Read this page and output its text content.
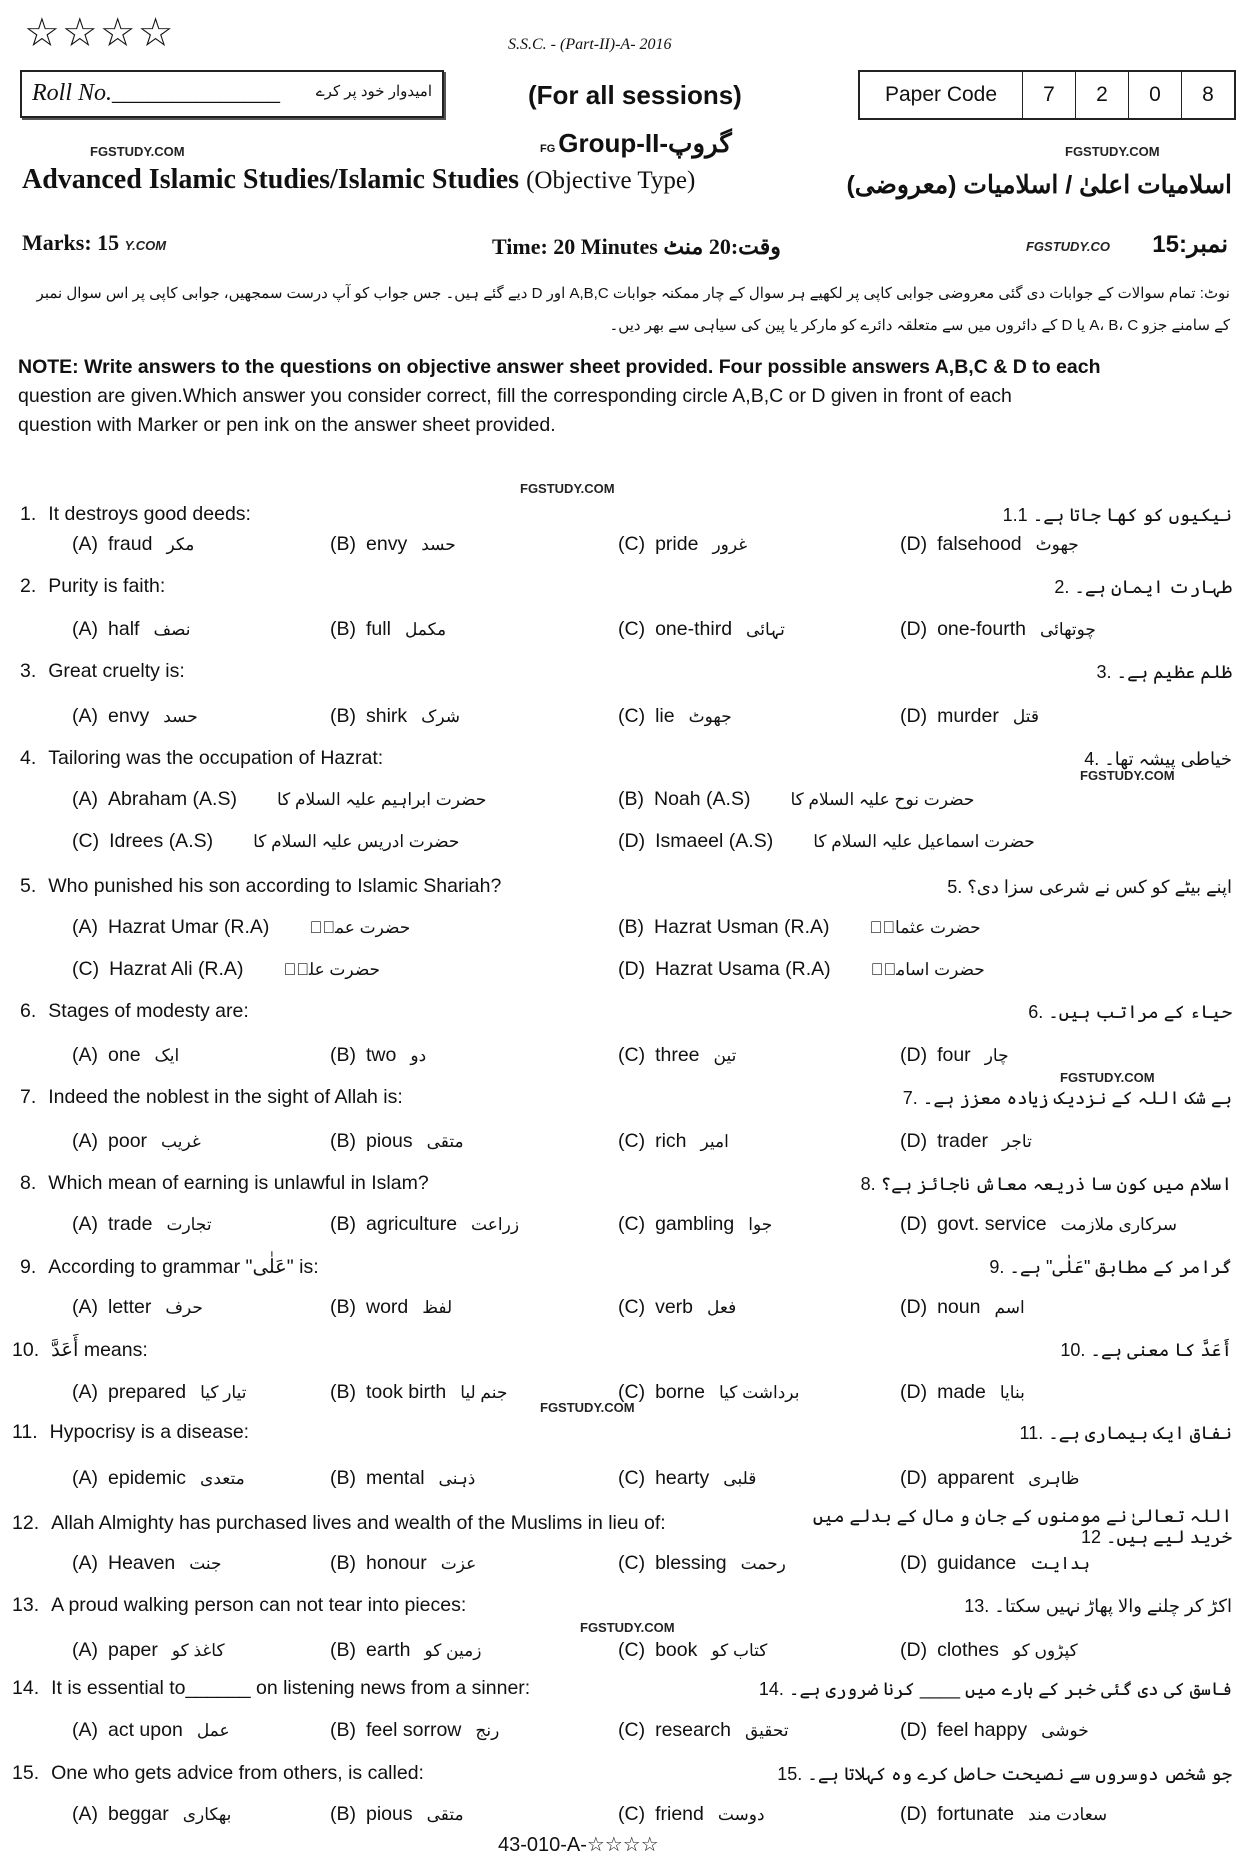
☆☆☆☆	S.S.C. - (Part-II)-A- 2016
Roll No.______________ امیدوار خود پر کرے	(For all sessions)	Paper Code	7	2	0	8
FG Group-II-گروپ
FGSTUDY.COM	FGSTUDY.COM
Advanced Islamic Studies/Islamic Studies (Objective Type)	اسلامیات اعلیٰ / اسلامیات (معروضی)
Marks: 15 Y.COM	Time: 20 Minutes وقت:20 منٹ	FGSTUDY.CO نمبر:15
نوٹ: تمام سوالات کے جوابات دی گئی معروضی جوابی کاپی پر لکھیے ہر سوال کے چار ممکنہ جوابات A,B,C اور D دیے گئے ہیں۔ جس جواب کو آپ درست سمجھیں، جوابی کاپی پر اس سوال نمبر
کے سامنے جزو A، B، C یا D کے دائروں میں سے متعلقہ دائرے کو مارکر یا پین کی سیاہی سے بھر دیں۔
NOTE: Write answers to the questions on objective answer sheet provided. Four possible answers A,B,C & D to each
question are given.Which answer you consider correct, fill the corresponding circle A,B,C or D given in front of each
question with Marker or pen ink on the answer sheet provided.
1. It destroys good deeds:	نیکیوں کو کھا جاتا ہے۔ 1.1
(A) fraud مکر	(B) envy حسد	(C) pride غرور	(D) falsehood جھوٹ
2. Purity is faith:	طہارت ایمان ہے۔ .2
(A) half نصف	(B) full مکمل	(C) one-third تہائی	(D) one-fourth چوتھائی
3. Great cruelty is:	ظلم عظیم ہے۔ .3
(A) envy حسد	(B) shirk شرک	(C) lie جھوٹ	(D) murder قتل
4. Tailoring was the occupation of Hazrat:	خیاطی پیشہ تھا۔ .4
(A) Abraham (A.S) حضرت ابراہیم علیہ السلام کا	(B) Noah (A.S) حضرت نوح علیہ السلام کا
(C) Idrees (A.S) حضرت ادریس علیہ السلام کا	(D) Ismaeel (A.S) حضرت اسماعیل علیہ السلام کا
5. Who punished his son according to Islamic Shariah?	اپنے بیٹے کو کس نے شرعی سزا دی؟ .5
(A) Hazrat Umar (R.A) حضرت عمرؓ	(B) Hazrat Usman (R.A) حضرت عثمانؓ
(C) Hazrat Ali (R.A) حضرت علیؓ	(D) Hazrat Usama (R.A) حضرت اسامہؓ
6. Stages of modesty are:	حیاء کے مراتب ہیں۔ .6
(A) one ایک	(B) two دو	(C) three تین	(D) four چار
7. Indeed the noblest in the sight of Allah is:	بے شک اللہ کے نزدیک زیادہ معزز ہے۔ .7
(A) poor غریب	(B) pious متقی	(C) rich امیر	(D) trader تاجر
8. Which mean of earning is unlawful in Islam?	اسلام میں کون سا ذریعہ معاش ناجائز ہے؟ .8
(A) trade تجارت	(B) agriculture زراعت	(C) gambling جوا	(D) govt. service سرکاری ملازمت
9. According to grammar "عَلٰی" is:	گرامر کے مطابق "عَلٰی" ہے۔ .9
(A) letter حرف	(B) word لفظ	(C) verb فعل	(D) noun اسم
10. أَعَدَّ means:	أَعَدَّ کا معنی ہے۔ .10
(A) prepared تیار کیا	(B) took birth جنم لیا	(C) borne برداشت کیا	(D) made بنایا
11. Hypocrisy is a disease:	نفاق ایک بیماری ہے۔ .11
(A) epidemic متعدی	(B) mental ذہنی	(C) hearty قلبی	(D) apparent ظاہری
12. Allah Almighty has purchased lives and wealth of the Muslims in lieu of:	اللہ تعالیٰ نے مومنوں کے جان و مال کے بدلے میں خرید لیے ہیں۔ 12
(A) Heaven جنت	(B) honour عزت	(C) blessing رحمت	(D) guidance ہدایت
13. A proud walking person can not tear into pieces:	اکڑ کر چلنے والا پھاڑ نہیں سکتا۔ .13
(A) paper کاغذ کو	(B) earth زمین کو	(C) book کتاب کو	(D) clothes کپڑوں کو
14. It is essential to______ on listening news from a sinner:	فاسق کی دی گئی خبر کے بارے میں ____ کرنا ضروری ہے۔ .14
(A) act upon عمل	(B) feel sorrow رنج	(C) research تحقیق	(D) feel happy خوشی
15. One who gets advice from others, is called:	جو شخص دوسروں سے نصیحت حاصل کرے وہ کہلاتا ہے۔ .15
(A) beggar بھکاری	(B) pious متقی	(C) friend دوست	(D) fortunate سعادت مند
FGSTUDY.COM
FGSTUDY.COM
FGSTUDY.COM
FGSTUDY.COM
FGSTUDY.COM
43-010-A-☆☆☆☆
